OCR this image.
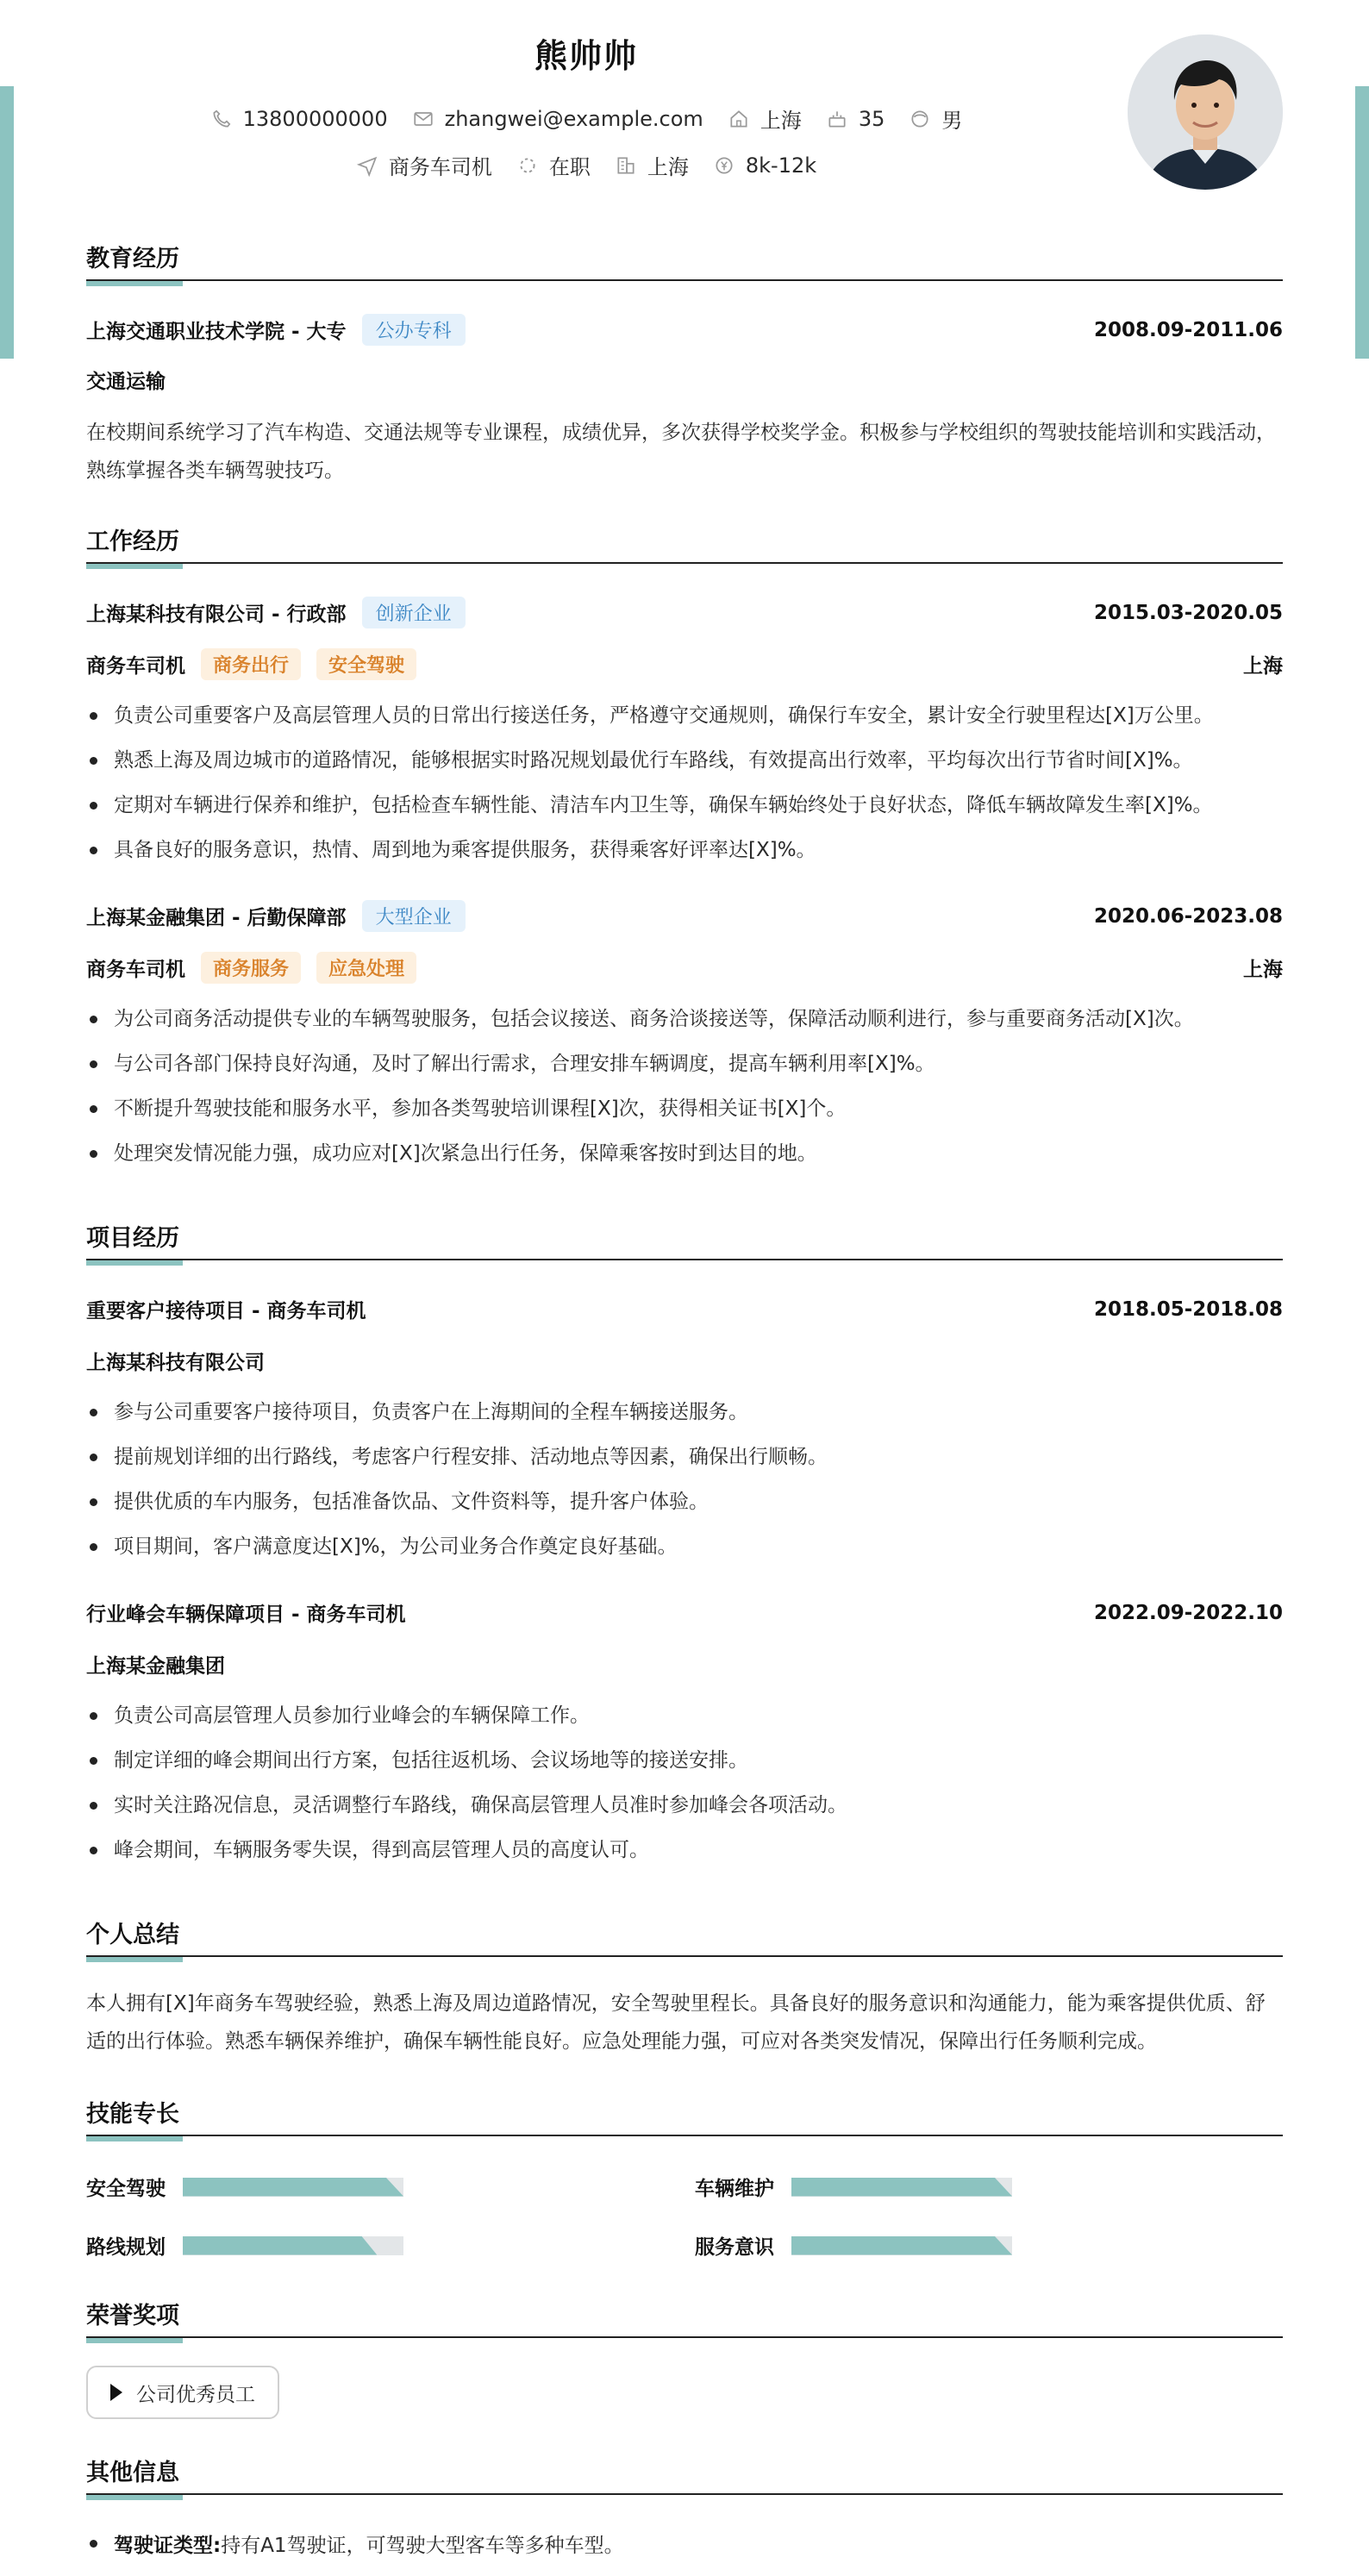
熊帅帅
13800000000	zhangwei@example.com	上海	35	男
商务车司机	在职	上海	8k-12k
教育经历
上海交通职业技术学院 - 大专	公办专科	2008.09-2011.06
交通运输
在校期间系统学习了汽车构造、交通法规等专业课程，成绩优异，多次获得学校奖学金。积极参与学校组织的驾驶技能培训和实践活动，熟练掌握各类车辆驾驶技巧。
工作经历
上海某科技有限公司 - 行政部	创新企业	2015.03-2020.05
商务车司机	商务出行	安全驾驶	上海
负责公司重要客户及高层管理人员的日常出行接送任务，严格遵守交通规则，确保行车安全，累计安全行驶里程达[X]万公里。
熟悉上海及周边城市的道路情况，能够根据实时路况规划最优行车路线，有效提高出行效率，平均每次出行节省时间[X]%。
定期对车辆进行保养和维护，包括检查车辆性能、清洁车内卫生等，确保车辆始终处于良好状态，降低车辆故障发生率[X]%。
具备良好的服务意识，热情、周到地为乘客提供服务，获得乘客好评率达[X]%。
上海某金融集团 - 后勤保障部	大型企业	2020.06-2023.08
商务车司机	商务服务	应急处理	上海
为公司商务活动提供专业的车辆驾驶服务，包括会议接送、商务洽谈接送等，保障活动顺利进行，参与重要商务活动[X]次。
与公司各部门保持良好沟通，及时了解出行需求，合理安排车辆调度，提高车辆利用率[X]%。
不断提升驾驶技能和服务水平，参加各类驾驶培训课程[X]次，获得相关证书[X]个。
处理突发情况能力强，成功应对[X]次紧急出行任务，保障乘客按时到达目的地。
项目经历
重要客户接待项目 - 商务车司机	2018.05-2018.08
上海某科技有限公司
参与公司重要客户接待项目，负责客户在上海期间的全程车辆接送服务。
提前规划详细的出行路线，考虑客户行程安排、活动地点等因素，确保出行顺畅。
提供优质的车内服务，包括准备饮品、文件资料等，提升客户体验。
项目期间，客户满意度达[X]%，为公司业务合作奠定良好基础。
行业峰会车辆保障项目 - 商务车司机	2022.09-2022.10
上海某金融集团
负责公司高层管理人员参加行业峰会的车辆保障工作。
制定详细的峰会期间出行方案，包括往返机场、会议场地等的接送安排。
实时关注路况信息，灵活调整行车路线，确保高层管理人员准时参加峰会各项活动。
峰会期间，车辆服务零失误，得到高层管理人员的高度认可。
个人总结
本人拥有[X]年商务车驾驶经验，熟悉上海及周边道路情况，安全驾驶里程长。具备良好的服务意识和沟通能力，能为乘客提供优质、舒适的出行体验。熟悉车辆保养维护，确保车辆性能良好。应急处理能力强，可应对各类突发情况，保障出行任务顺利完成。
技能专长
安全驾驶	车辆维护
路线规划	服务意识
荣誉奖项
公司优秀员工
其他信息
驾驶证类型:持有A1驾驶证，可驾驶大型客车等多种车型。
